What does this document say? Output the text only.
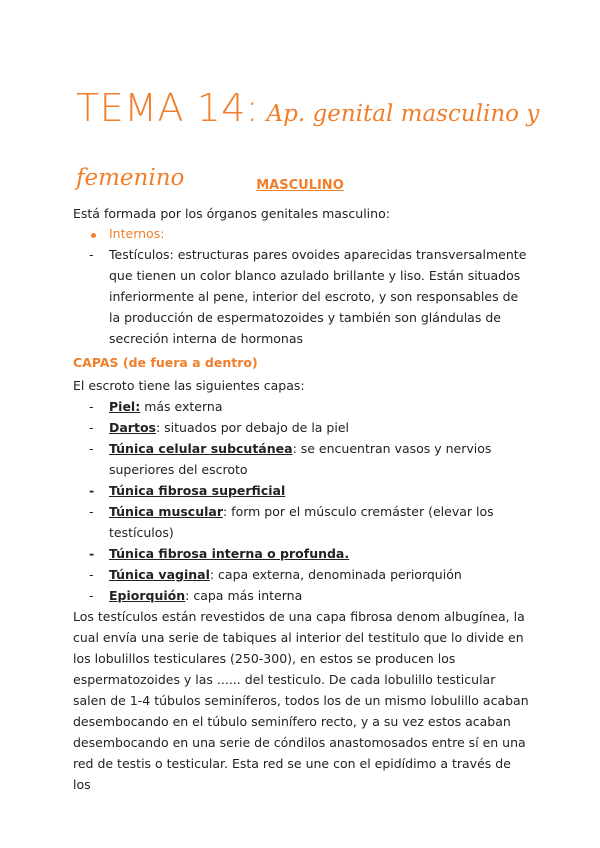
TEMA 14: Ap. genital masculino y femenino	MASCULINO
Está formada por los órganos genitales masculino:
Internos:
-	Testículos: estructuras pares ovoides aparecidas transversalmente que tienen un color blanco azulado brillante y liso. Están situados inferiormente al pene, interior del escroto, y son responsables de la producción de espermatozoides y también son glándulas de secreción interna de hormonas
CAPAS (de fuera a dentro)
El escroto tiene las siguientes capas:
-	Piel: más externa
-	Dartos: situados por debajo de la piel
-	Túnica celular subcutánea: se encuentran vasos y nervios superiores del escroto
-	Túnica fibrosa superficial
-	Túnica muscular: form por el músculo cremáster (elevar los testículos)
-	Túnica fibrosa interna o profunda.
-	Túnica vaginal: capa externa, denominada periorquión
-	Epiorquión: capa más interna
Los testículos están revestidos de una capa fibrosa denom albugínea, la cual envía una serie de tabiques al interior del testitulo que lo divide en los lobulillos testiculares (250-300), en estos se producen los espermatozoides y las ...... del testiculo. De cada lobulillo testicular salen de 1-4 túbulos seminíferos, todos los de un mismo lobulillo acaban desembocando en el túbulo seminífero recto, y a su vez estos acaban desembocando en una serie de cóndilos anastomosados entre sí en una red de testis o testicular. Esta red se une con el epidídimo a través de los
